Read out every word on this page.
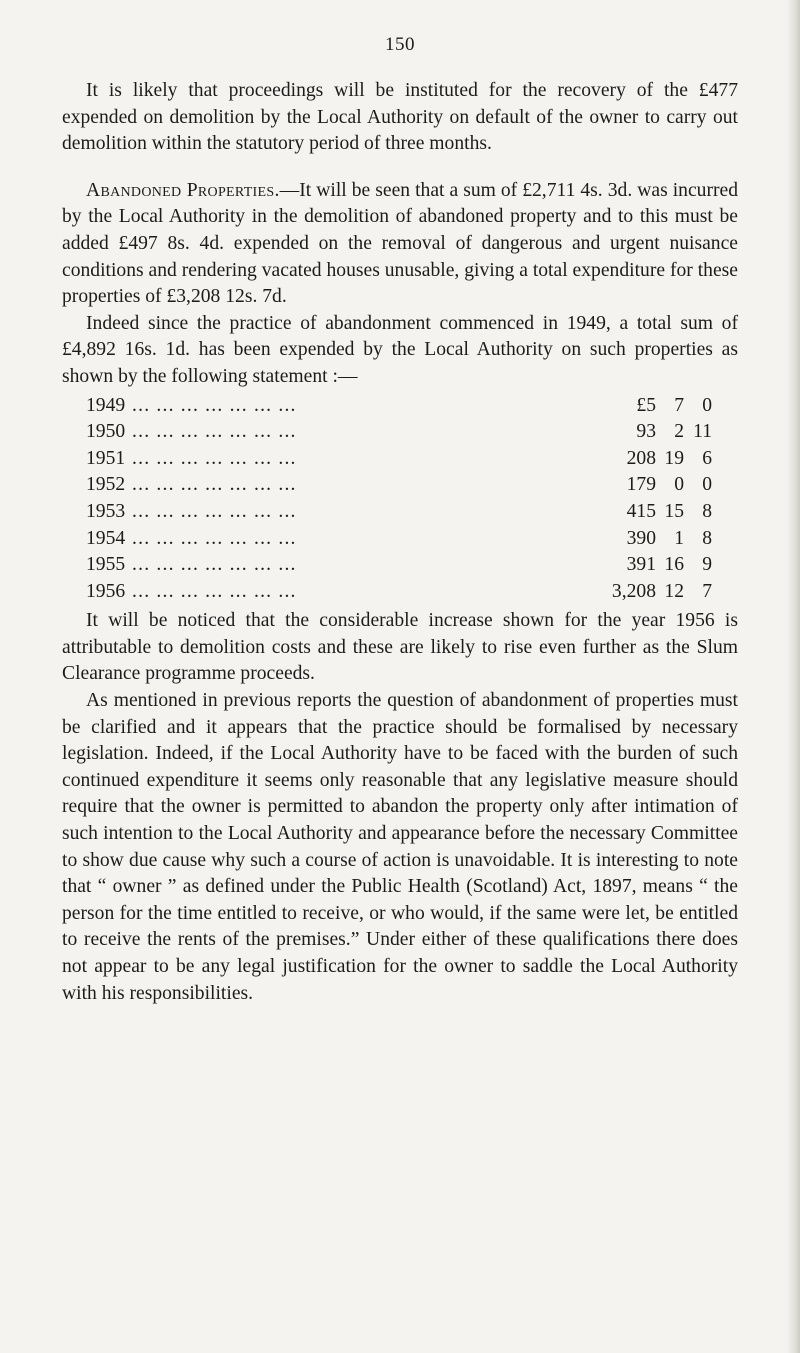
150

It is likely that proceedings will be instituted for the recovery of the £477 expended on demolition by the Local Authority on default of the owner to carry out demolition within the statutory period of three months.

Abandoned Properties.—It will be seen that a sum of £2,711 4s. 3d. was incurred by the Local Authority in the demolition of abandoned property and to this must be added £497 8s. 4d. expended on the removal of dangerous and urgent nuisance conditions and rendering vacated houses unusable, giving a total expenditure for these properties of £3,208 12s. 7d.

Indeed since the practice of abandonment commenced in 1949, a total sum of £4,892 16s. 1d. has been expended by the Local Authority on such properties as shown by the following statement :—

1949	... ... ... ... ... ... ...	£5	7	0
1950	... ... ... ... ... ... ...	93	2	11
1951	... ... ... ... ... ... ...	208	19	6
1952	... ... ... ... ... ... ...	179	0	0
1953	... ... ... ... ... ... ...	415	15	8
1954	... ... ... ... ... ... ...	390	1	8
1955	... ... ... ... ... ... ...	391	16	9
1956	... ... ... ... ... ... ...	3,208	12	7

It will be noticed that the considerable increase shown for the year 1956 is attributable to demolition costs and these are likely to rise even further as the Slum Clearance programme proceeds.

As mentioned in previous reports the question of abandonment of properties must be clarified and it appears that the practice should be formalised by necessary legislation. Indeed, if the Local Authority have to be faced with the burden of such continued expenditure it seems only reasonable that any legislative measure should require that the owner is permitted to abandon the property only after intimation of such intention to the Local Authority and appearance before the necessary Committee to show due cause why such a course of action is unavoidable. It is interesting to note that “ owner ” as defined under the Public Health (Scotland) Act, 1897, means “ the person for the time entitled to receive, or who would, if the same were let, be entitled to receive the rents of the premises.” Under either of these qualifications there does not appear to be any legal justification for the owner to saddle the Local Authority with his responsibilities.
